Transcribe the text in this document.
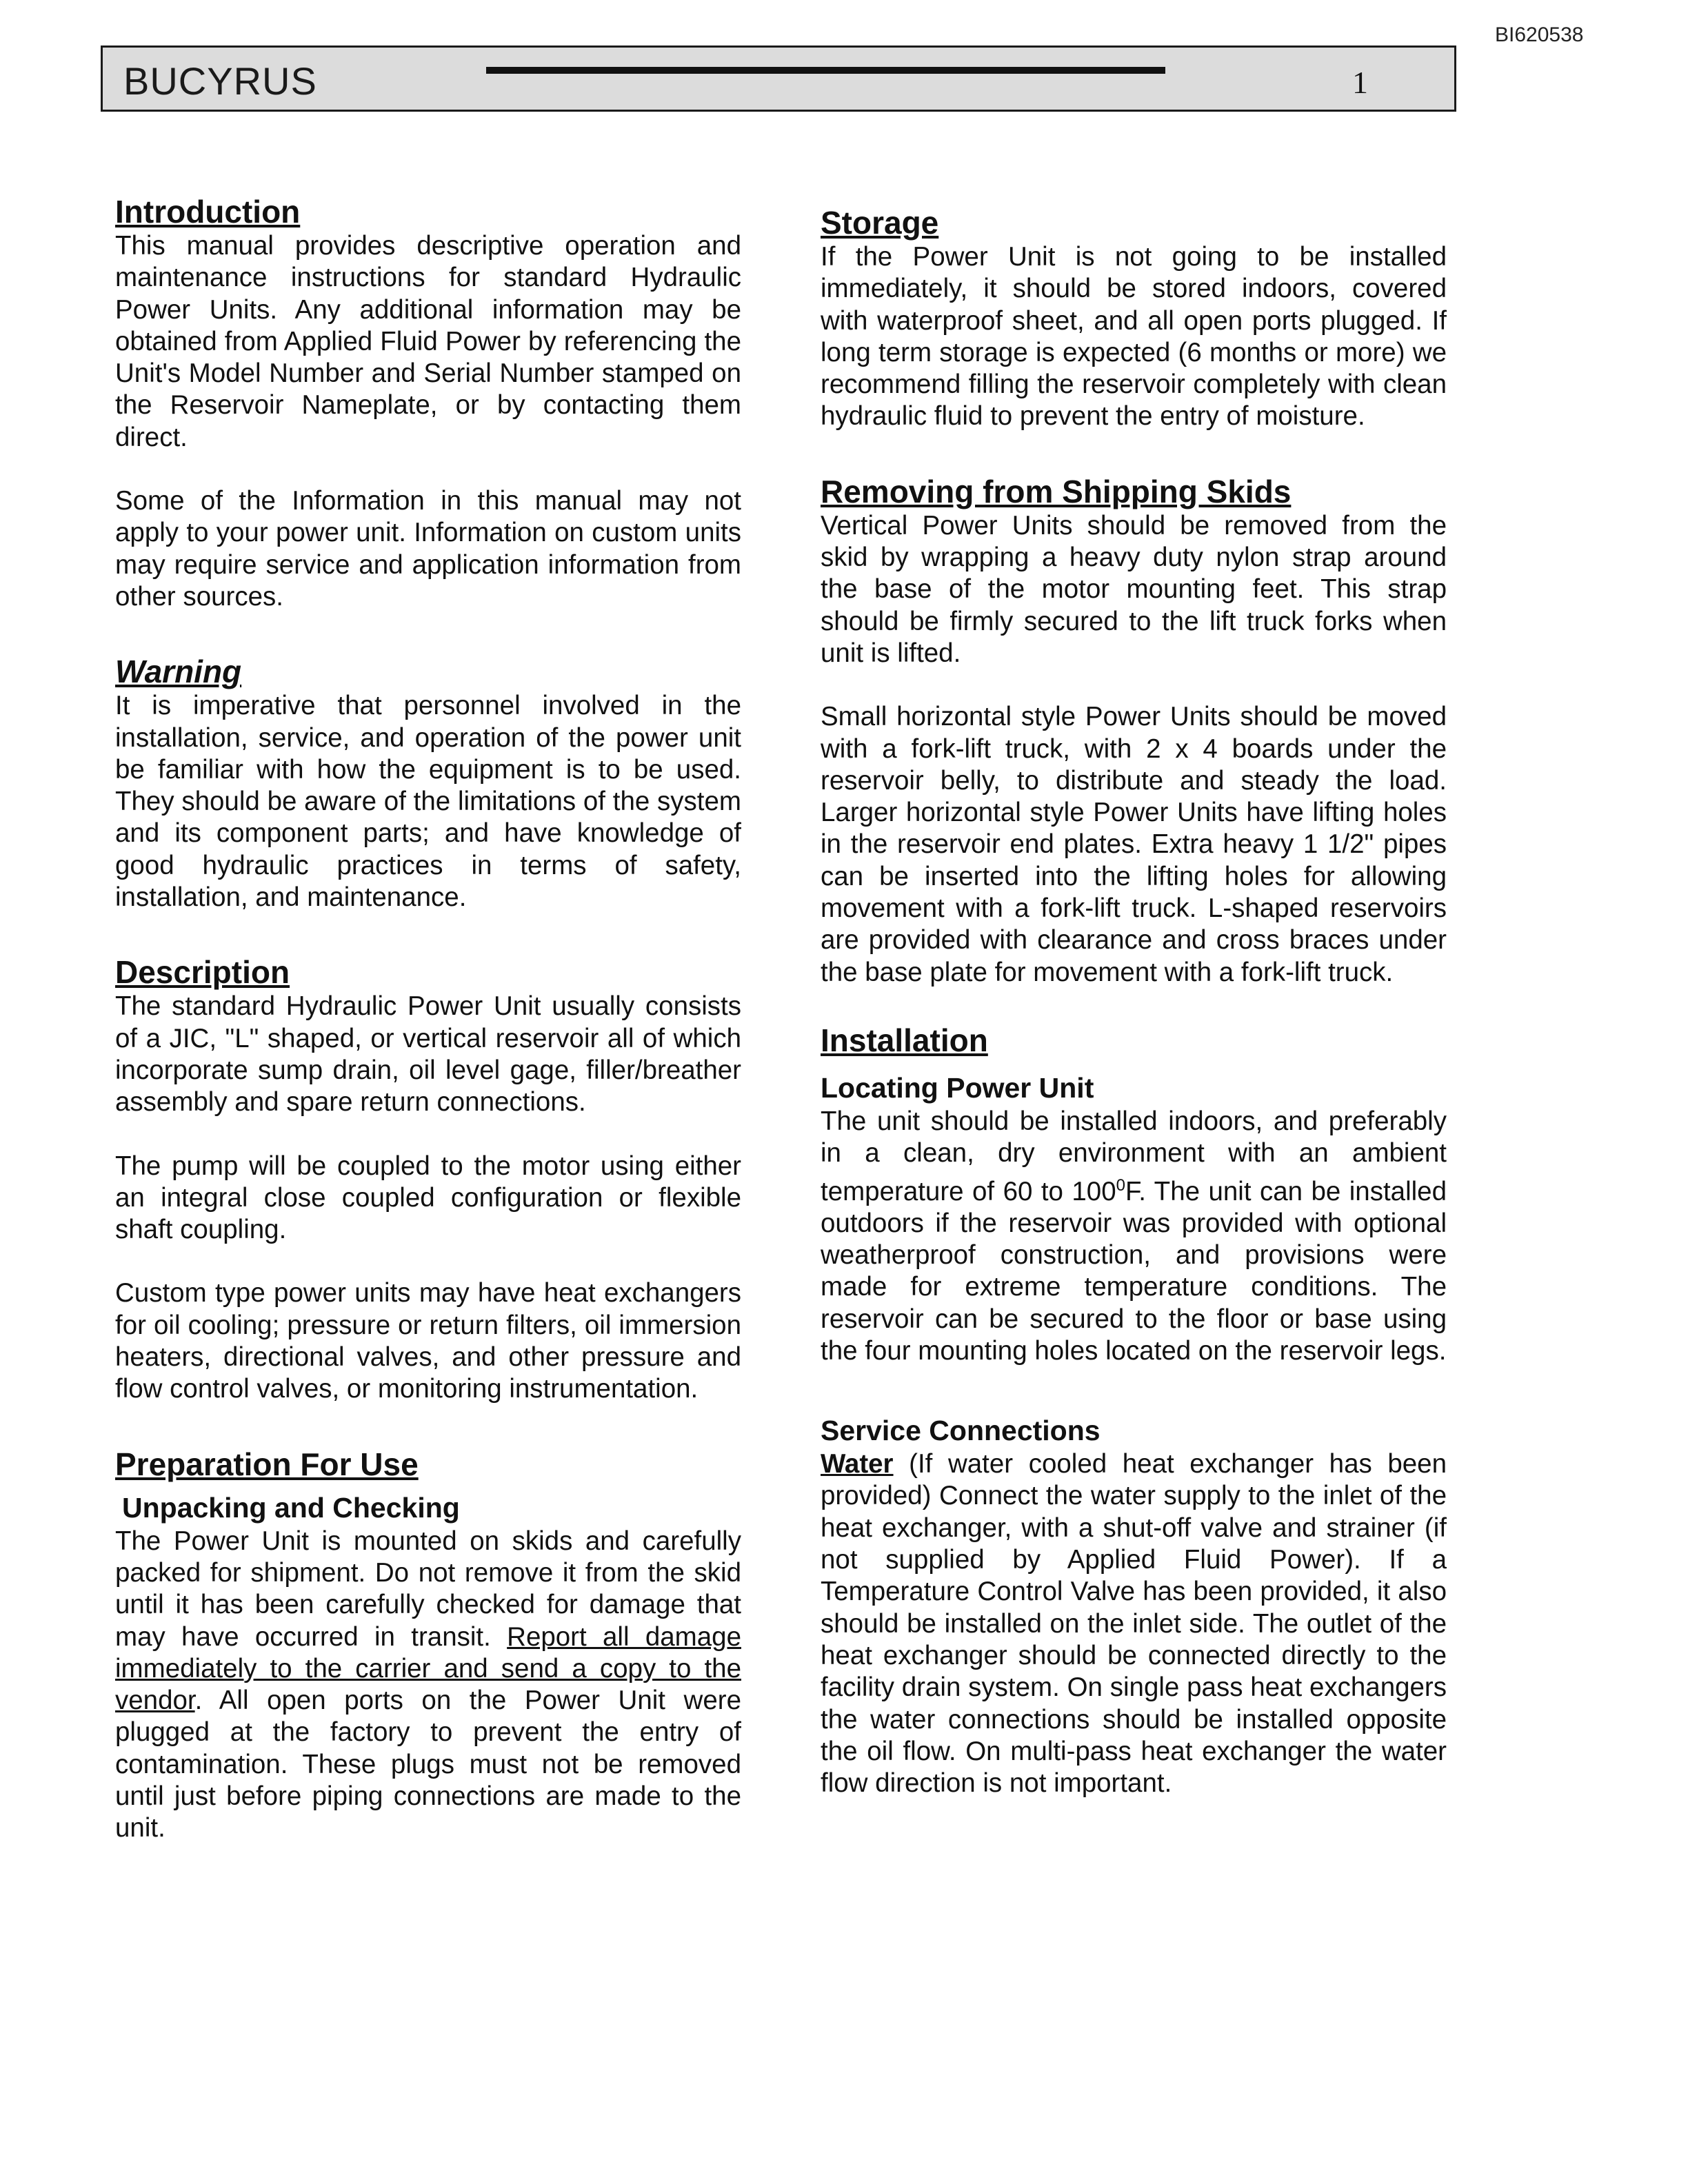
BI620538
BUCYRUS	1
Introduction

This manual provides descriptive operation and maintenance instructions for standard Hydraulic Power Units. Any additional information may be obtained from Applied Fluid Power by referencing the Unit's Model Number and Serial Number stamped on the Reservoir Nameplate, or by contacting them direct.

Some of the Information in this manual may not apply to your power unit. Information on custom units may require service and application information from other sources.

Warning

It is imperative that personnel involved in the installation, service, and operation of the power unit be familiar with how the equipment is to be used. They should be aware of the limitations of the system and its component parts; and have knowledge of good hydraulic practices in terms of safety, installation, and maintenance.

Description

The standard Hydraulic Power Unit usually consists of a JIC, "L" shaped, or vertical reservoir all of which incorporate sump drain, oil level gage, filler/breather assembly and spare return connections.

The pump will be coupled to the motor using either an integral close coupled configuration or flexible shaft coupling.

Custom type power units may have heat exchangers for oil cooling; pressure or return filters, oil immersion heaters, directional valves, and other pressure and flow control valves, or monitoring instrumentation.

Preparation For Use
Unpacking and Checking

The Power Unit is mounted on skids and carefully packed for shipment. Do not remove it from the skid until it has been carefully checked for damage that may have occurred in transit. Report all damage immediately to the carrier and send a copy to the vendor. All open ports on the Power Unit were plugged at the factory to prevent the entry of contamination. These plugs must not be removed until just before piping connections are made to the unit.

Storage

If the Power Unit is not going to be installed immediately, it should be stored indoors, covered with waterproof sheet, and all open ports plugged. If long term storage is expected (6 months or more) we recommend filling the reservoir completely with clean hydraulic fluid to prevent the entry of moisture.

Removing from Shipping Skids

Vertical Power Units should be removed from the skid by wrapping a heavy duty nylon strap around the base of the motor mounting feet. This strap should be firmly secured to the lift truck forks when unit is lifted.

Small horizontal style Power Units should be moved with a fork-lift truck, with 2 x 4 boards under the reservoir belly, to distribute and steady the load. Larger horizontal style Power Units have lifting holes in the reservoir end plates. Extra heavy 1 1/2" pipes can be inserted into the lifting holes for allowing movement with a fork-lift truck. L-shaped reservoirs are provided with clearance and cross braces under the base plate for movement with a fork-lift truck.

Installation
Locating Power Unit

The unit should be installed indoors, and preferably in a clean, dry environment with an ambient temperature of 60 to $100^0F$. The unit can be installed outdoors if the reservoir was provided with optional weatherproof construction, and provisions were made for extreme temperature conditions. The reservoir can be secured to the floor or base using the four mounting holes located on the reservoir legs.

Service Connections

Water (If water cooled heat exchanger has been provided) Connect the water supply to the inlet of the heat exchanger, with a shut-off valve and strainer (if not supplied by Applied Fluid Power). If a Temperature Control Valve has been provided, it also should be installed on the inlet side. The outlet of the heat exchanger should be connected directly to the facility drain system. On single pass heat exchangers the water connections should be installed opposite the oil flow. On multi-pass heat exchanger the water flow direction is not important.
